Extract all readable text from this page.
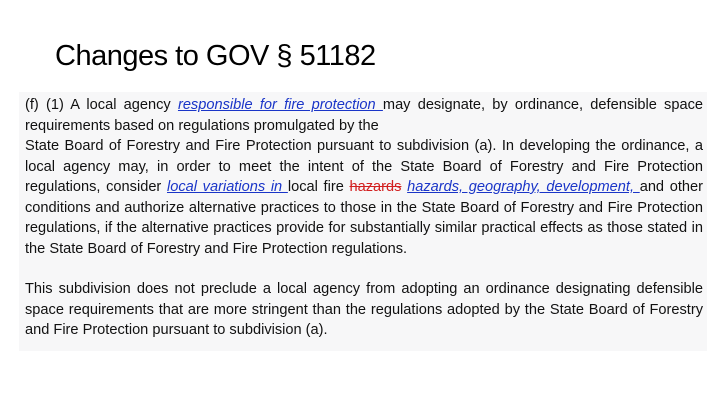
Changes to GOV § 51182

(f) (1) A local agency responsible for fire protection may designate, by ordinance, defensible space requirements based on regulations promulgated by the
State Board of Forestry and Fire Protection pursuant to subdivision (a). In developing the ordinance, a local agency may, in order to meet the intent of the State Board of Forestry and Fire Protection regulations, consider local variations in local fire hazards hazards, geography, development, and other conditions and authorize alternative practices to those in the State Board of Forestry and Fire Protection regulations, if the alternative practices provide for substantially similar practical effects as those stated in the State Board of Forestry and Fire Protection regulations.

This subdivision does not preclude a local agency from adopting an ordinance designating defensible space requirements that are more stringent than the regulations adopted by the State Board of Forestry and Fire Protection pursuant to subdivision (a).
